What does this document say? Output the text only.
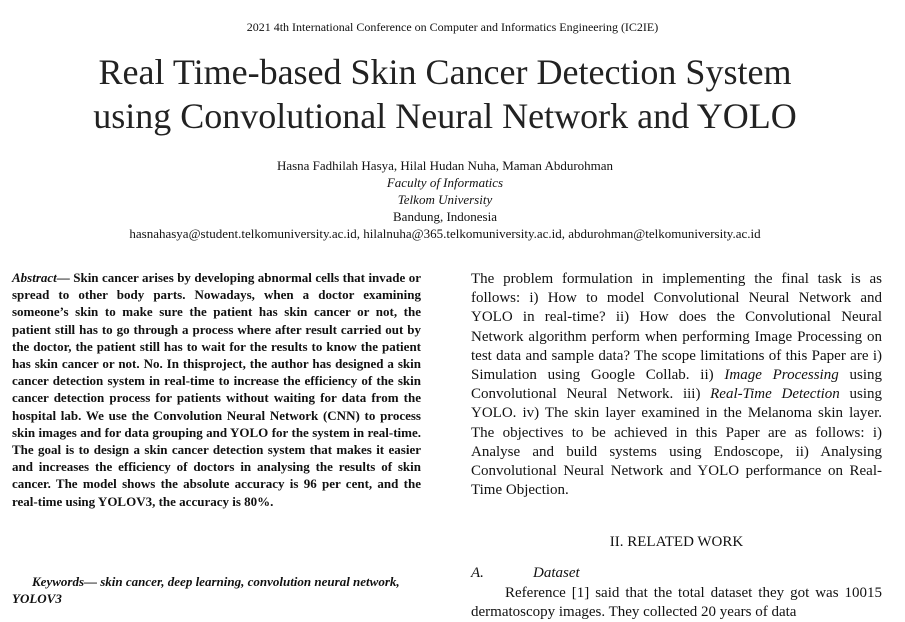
2021 4th International Conference on Computer and Informatics Engineering (IC2IE)
Real Time-based Skin Cancer Detection System
using Convolutional Neural Network and YOLO
Hasna Fadhilah Hasya, Hilal Hudan Nuha, Maman Abdurohman
Faculty of Informatics
Telkom University
Bandung, Indonesia
hasnahasya@student.telkomuniversity.ac.id, hilalnuha@365.telkomuniversity.ac.id, abdurohman@telkomuniversity.ac.id
Abstract— Skin cancer arises by developing abnormal cells that invade or spread to other body parts. Nowadays, when a doctor examining someone’s skin to make sure the patient has skin cancer or not, the patient still has to go through a process where after result carried out by the doctor, the patient still has to wait for the results to know the patient has skin cancer or not. No. In thisproject, the author has designed a skin cancer detection system in real-time to increase the efficiency of the skin cancer detection process for patients without waiting for data from the hospital lab. We use the Convolution Neural Network (CNN) to process skin images and for data grouping and YOLO for the system in real-time. The goal is to design a skin cancer detection system that makes it easier and increases the efficiency of doctors in analysing the results of skin cancer. The model shows the absolute accuracy is 96 per cent, and the real-time using YOLOV3, the accuracy is 80%.
Keywords— skin cancer, deep learning, convolution neural network, YOLOV3
The problem formulation in implementing the final task is as follows: i) How to model Convolutional Neural Network and YOLO in real-time? ii) How does the Convolutional Neural Network algorithm perform when performing Image Processing on test data and sample data? The scope limitations of this Paper are i) Simulation using Google Collab. ii) Image Processing using Convolutional Neural Network. iii) Real-Time Detection using YOLO. iv) The skin layer examined in the Melanoma skin layer. The objectives to be achieved in this Paper are as follows: i) Analyse and build systems using Endoscope, ii) Analysing Convolutional Neural Network and YOLO performance on Real-Time Objection.
II. RELATED WORK
A.	Dataset
Reference [1] said that the total dataset they got was 10015 dermatoscopy images. They collected 20 years of data
